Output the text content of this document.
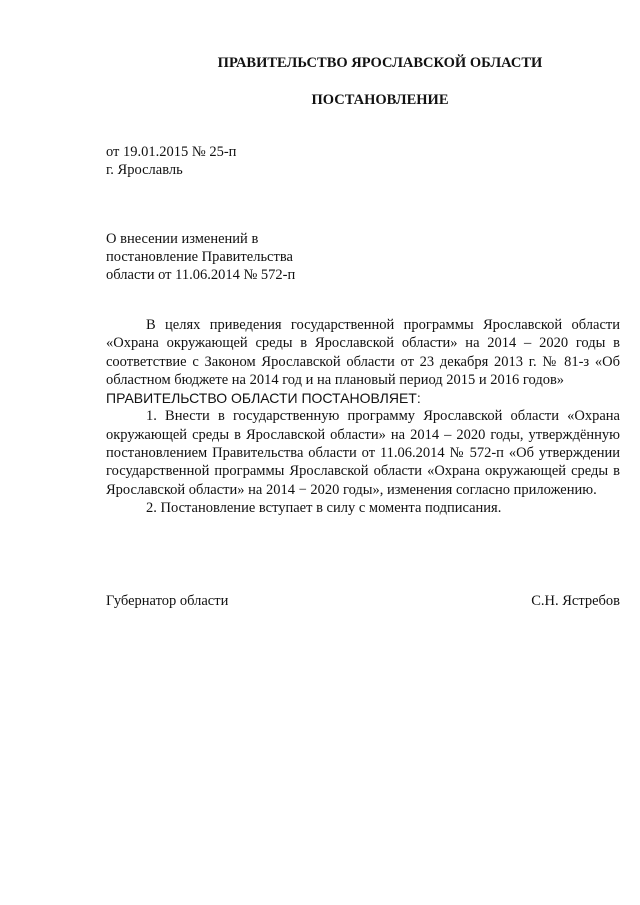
ПРАВИТЕЛЬСТВО ЯРОСЛАВСКОЙ ОБЛАСТИ
ПОСТАНОВЛЕНИЕ
от 19.01.2015 № 25-п
г. Ярославль
О внесении изменений в
постановление Правительства
области от 11.06.2014 № 572-п

В целях приведения государственной программы Ярославской области «Охрана окружающей среды в Ярославской области» на 2014 – 2020 годы в соответствие с Законом Ярославской области от 23 декабря 2013 г. № 81-з «Об областном бюджете на 2014 год и на плановый период 2015 и 2016 годов»

ПРАВИТЕЛЬСТВО ОБЛАСТИ ПОСТАНОВЛЯЕТ:

1. Внести в государственную программу Ярославской области «Охрана окружающей среды в Ярославской области» на 2014 – 2020 годы, утверждённую постановлением Правительства области от 11.06.2014 № 572-п «Об утверждении государственной программы Ярославской области «Охрана окружающей среды в Ярославской области» на 2014 − 2020 годы», изменения согласно приложению.

2. Постановление вступает в силу с момента подписания.

Губернатор области	С.Н. Ястребов
